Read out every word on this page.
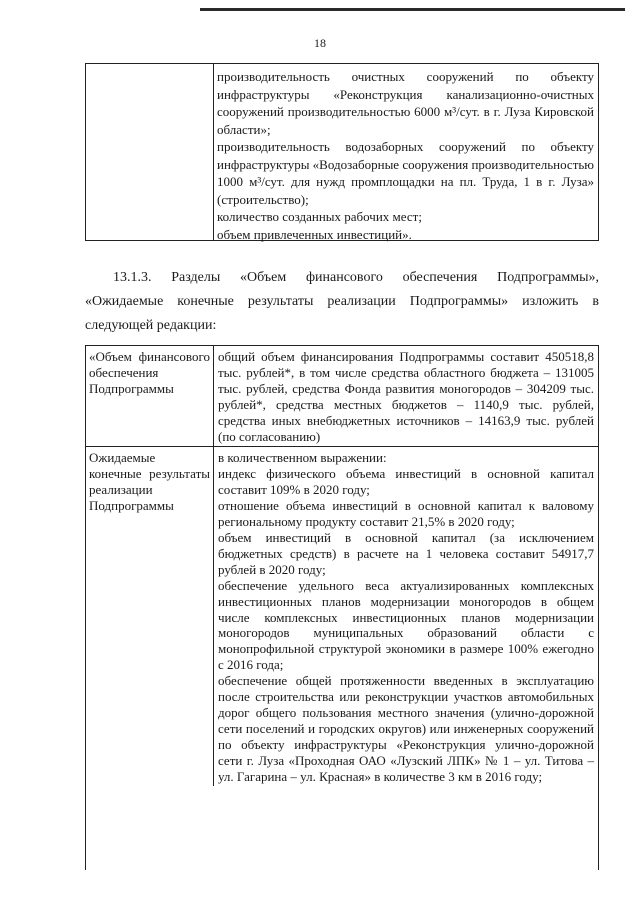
18
производительность очистных сооружений по объекту инфраструктуры «Реконструкция канализационно-очистных сооружений производительностью 6000 м³/сут. в г. Луза Кировской области»;
производительность водозаборных сооружений по объекту инфраструктуры «Водозаборные сооружения производительностью 1000 м³/сут. для нужд промплощадки на пл. Труда, 1 в г. Луза» (строительство);
количество созданных рабочих мест;
объем привлеченных инвестиций».
13.1.3. Разделы «Объем финансового обеспечения Подпрограммы», «Ожидаемые конечные результаты реализации Подпрограммы» изложить в следующей редакции:
«Объем финансового обеспечения Подпрограммы
общий объем финансирования Подпрограммы составит 450518,8 тыс. рублей*, в том числе средства областного бюджета – 131005 тыс. рублей, средства Фонда развития моногородов – 304209 тыс. рублей*, средства местных бюджетов – 1140,9 тыс. рублей, средства иных внебюджетных источников – 14163,9 тыс. рублей (по согласованию)
Ожидаемые конечные результаты реализации Подпрограммы
в количественном выражении:
индекс физического объема инвестиций в основной капитал составит 109% в 2020 году;
отношение объема инвестиций в основной капитал к валовому региональному продукту составит 21,5% в 2020 году;
объем инвестиций в основной капитал (за исключением бюджетных средств) в расчете на 1 человека составит 54917,7 рублей в 2020 году;
обеспечение удельного веса актуализированных комплексных инвестиционных планов модернизации моногородов в общем числе комплексных инвестиционных планов модернизации моногородов муниципальных образований области с монопрофильной структурой экономики в размере 100% ежегодно с 2016 года;
обеспечение общей протяженности введенных в эксплуатацию после строительства или реконструкции участков автомобильных дорог общего пользования местного значения (улично-дорожной сети поселений и городских округов) или инженерных сооружений по объекту инфраструктуры «Реконструкция улично-дорожной сети г. Луза «Проходная ОАО «Лузский ЛПК» № 1 – ул. Титова – ул. Гагарина – ул. Красная» в количестве 3 км в 2016 году;
